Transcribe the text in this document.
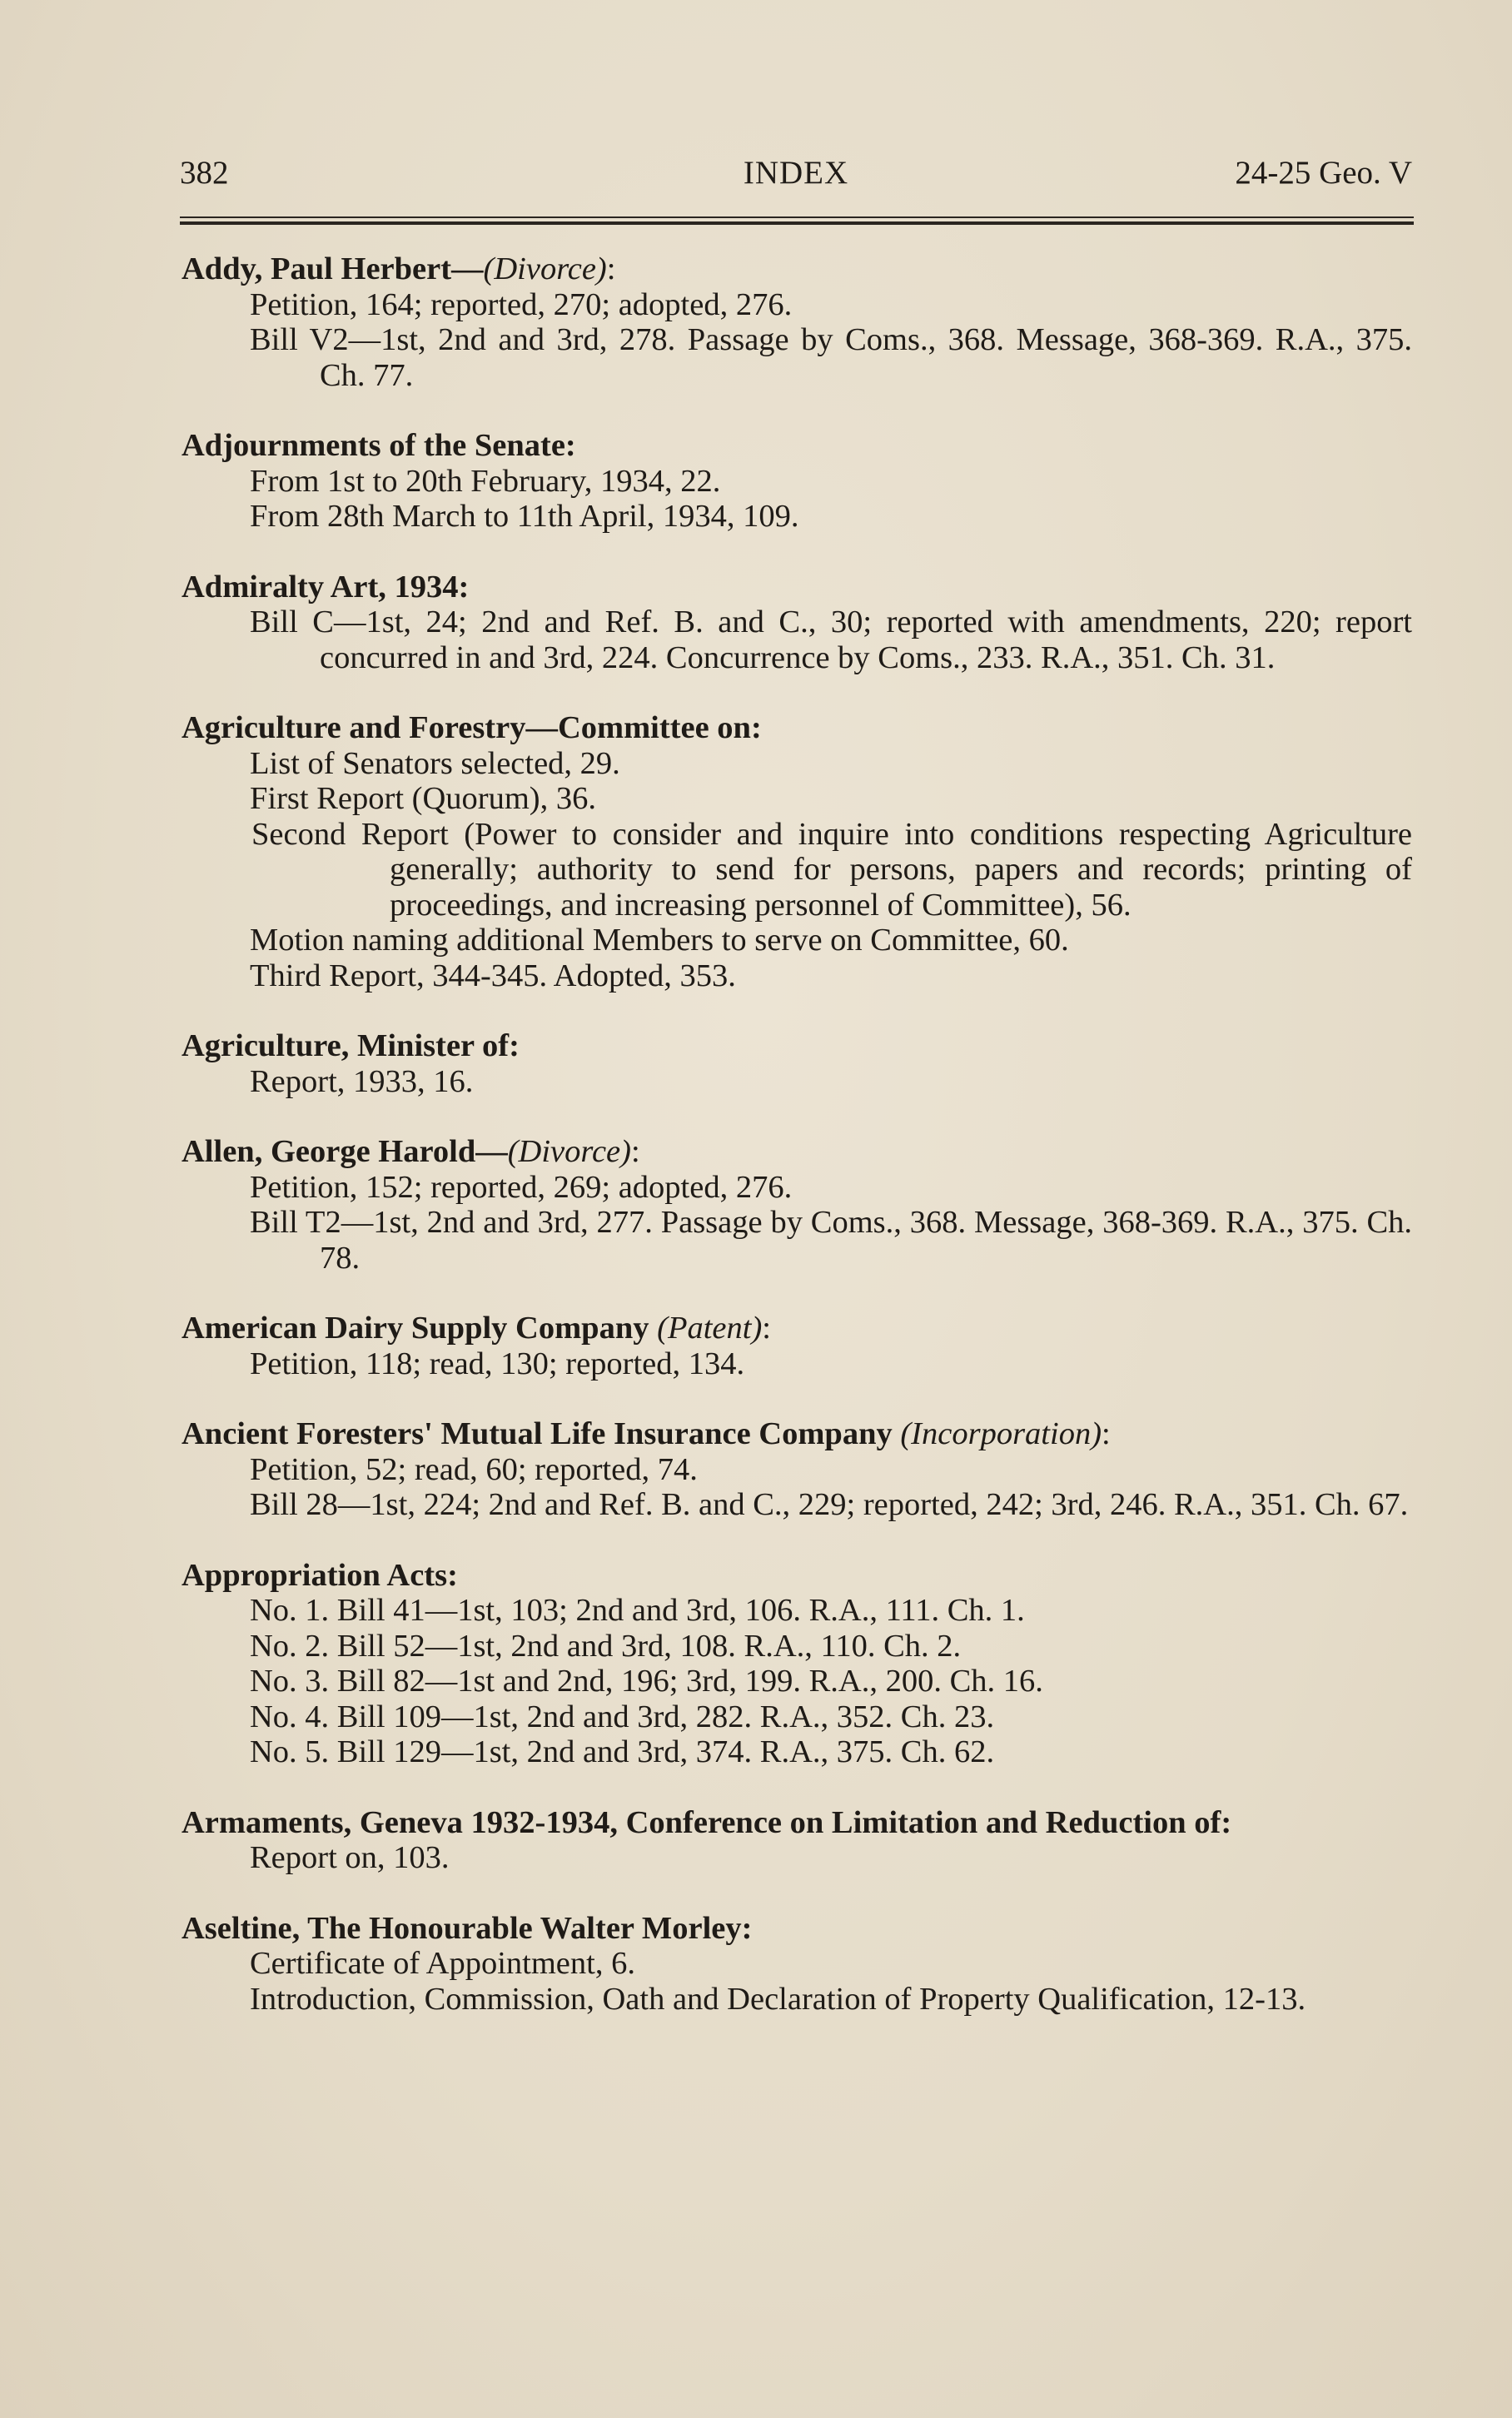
382	INDEX	24-25 Geo. V
Addy, Paul Herbert—(Divorce):
Petition, 164; reported, 270; adopted, 276.
Bill V2—1st, 2nd and 3rd, 278. Passage by Coms., 368. Message, 368-369. R.A., 375. Ch. 77.
Adjournments of the Senate:
From 1st to 20th February, 1934, 22.
From 28th March to 11th April, 1934, 109.
Admiralty Art, 1934:
Bill C—1st, 24; 2nd and Ref. B. and C., 30; reported with amendments, 220; report concurred in and 3rd, 224. Concurrence by Coms., 233. R.A., 351. Ch. 31.
Agriculture and Forestry—Committee on:
List of Senators selected, 29.
First Report (Quorum), 36.
Second Report (Power to consider and inquire into conditions respecting Agriculture generally; authority to send for persons, papers and records; printing of proceedings, and increasing personnel of Committee), 56.
Motion naming additional Members to serve on Committee, 60.
Third Report, 344-345. Adopted, 353.
Agriculture, Minister of:
Report, 1933, 16.
Allen, George Harold—(Divorce):
Petition, 152; reported, 269; adopted, 276.
Bill T2—1st, 2nd and 3rd, 277. Passage by Coms., 368. Message, 368-369. R.A., 375. Ch. 78.
American Dairy Supply Company (Patent):
Petition, 118; read, 130; reported, 134.
Ancient Foresters' Mutual Life Insurance Company (Incorporation):
Petition, 52; read, 60; reported, 74.
Bill 28—1st, 224; 2nd and Ref. B. and C., 229; reported, 242; 3rd, 246. R.A., 351. Ch. 67.
Appropriation Acts:
No. 1. Bill 41—1st, 103; 2nd and 3rd, 106. R.A., 111. Ch. 1.
No. 2. Bill 52—1st, 2nd and 3rd, 108. R.A., 110. Ch. 2.
No. 3. Bill 82—1st and 2nd, 196; 3rd, 199. R.A., 200. Ch. 16.
No. 4. Bill 109—1st, 2nd and 3rd, 282. R.A., 352. Ch. 23.
No. 5. Bill 129—1st, 2nd and 3rd, 374. R.A., 375. Ch. 62.
Armaments, Geneva 1932-1934, Conference on Limitation and Reduction of:
Report on, 103.
Aseltine, The Honourable Walter Morley:
Certificate of Appointment, 6.
Introduction, Commission, Oath and Declaration of Property Qualification, 12-13.
